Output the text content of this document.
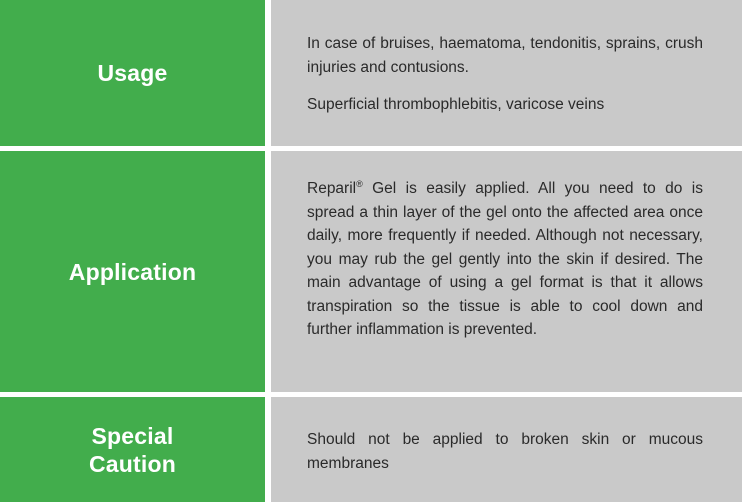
Usage

In case of bruises, haematoma, tendonitis, sprains, crush injuries and contusions.

Superficial thrombophlebitis, varicose veins

Application

Reparil® Gel is easily applied. All you need to do is spread a thin layer of the gel onto the affected area once daily, more frequently if needed. Although not necessary, you may rub the gel gently into the skin if desired. The main advantage of using a gel format is that it allows transpiration so the tissue is able to cool down and further inflammation is prevented.

Special
Caution

Should not be applied to broken skin or mucous membranes
